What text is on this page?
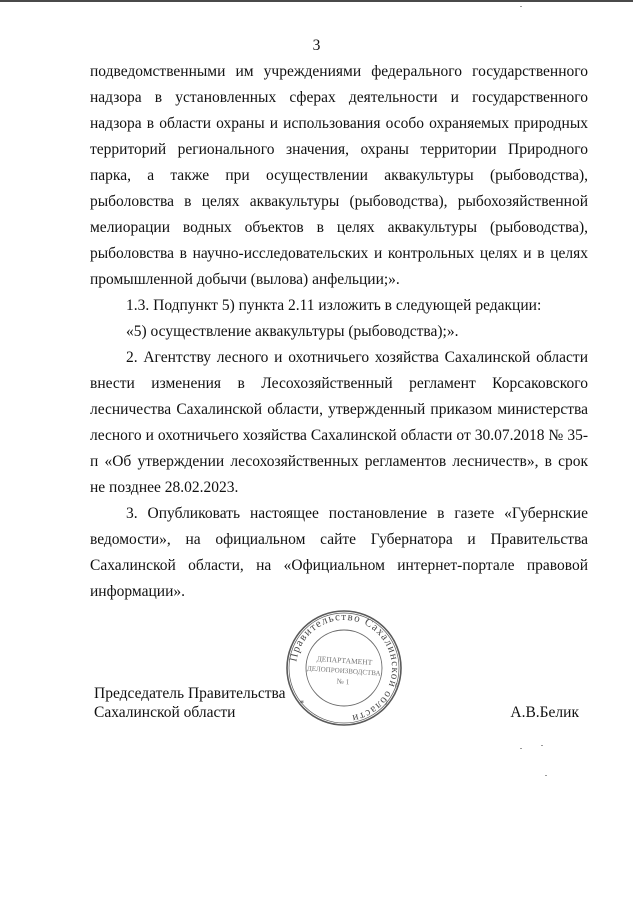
3

подведомственными им учреждениями федерального государственного надзора в установленных сферах деятельности и государственного надзора в области охраны и использования особо охраняемых природных территорий регионального значения, охраны территории Природного парка, а также при осуществлении аквакультуры (рыбоводства), рыболовства в целях аквакультуры (рыбоводства), рыбохозяйственной мелиорации водных объектов в целях аквакультуры (рыбоводства), рыболовства в научно-исследовательских и контрольных целях и в целях промышленной добычи (вылова) анфельции;».

1.3. Подпункт 5) пункта 2.11 изложить в следующей редакции:

«5) осуществление аквакультуры (рыбоводства);».

2. Агентству лесного и охотничьего хозяйства Сахалинской области внести изменения в Лесохозяйственный регламент Корсаковского лесничества Сахалинской области, утвержденный приказом министерства лесного и охотничьего хозяйства Сахалинской области от 30.07.2018 № 35-п «Об утверждении лесохозяйственных регламентов лесничеств», в срок не позднее 28.02.2023.

3. Опубликовать настоящее постановление в газете «Губернские ведомости», на официальном сайте Губернатора и Правительства Сахалинской области, на «Официальном интернет-портале правовой информации».

Председатель Правительства
Сахалинской области	А.В.Белик
Правительство Сахалинской области
*
ДЕПАРТАМЕНТ
ДЕЛОПРОИЗВОДСТВА
№ 1
